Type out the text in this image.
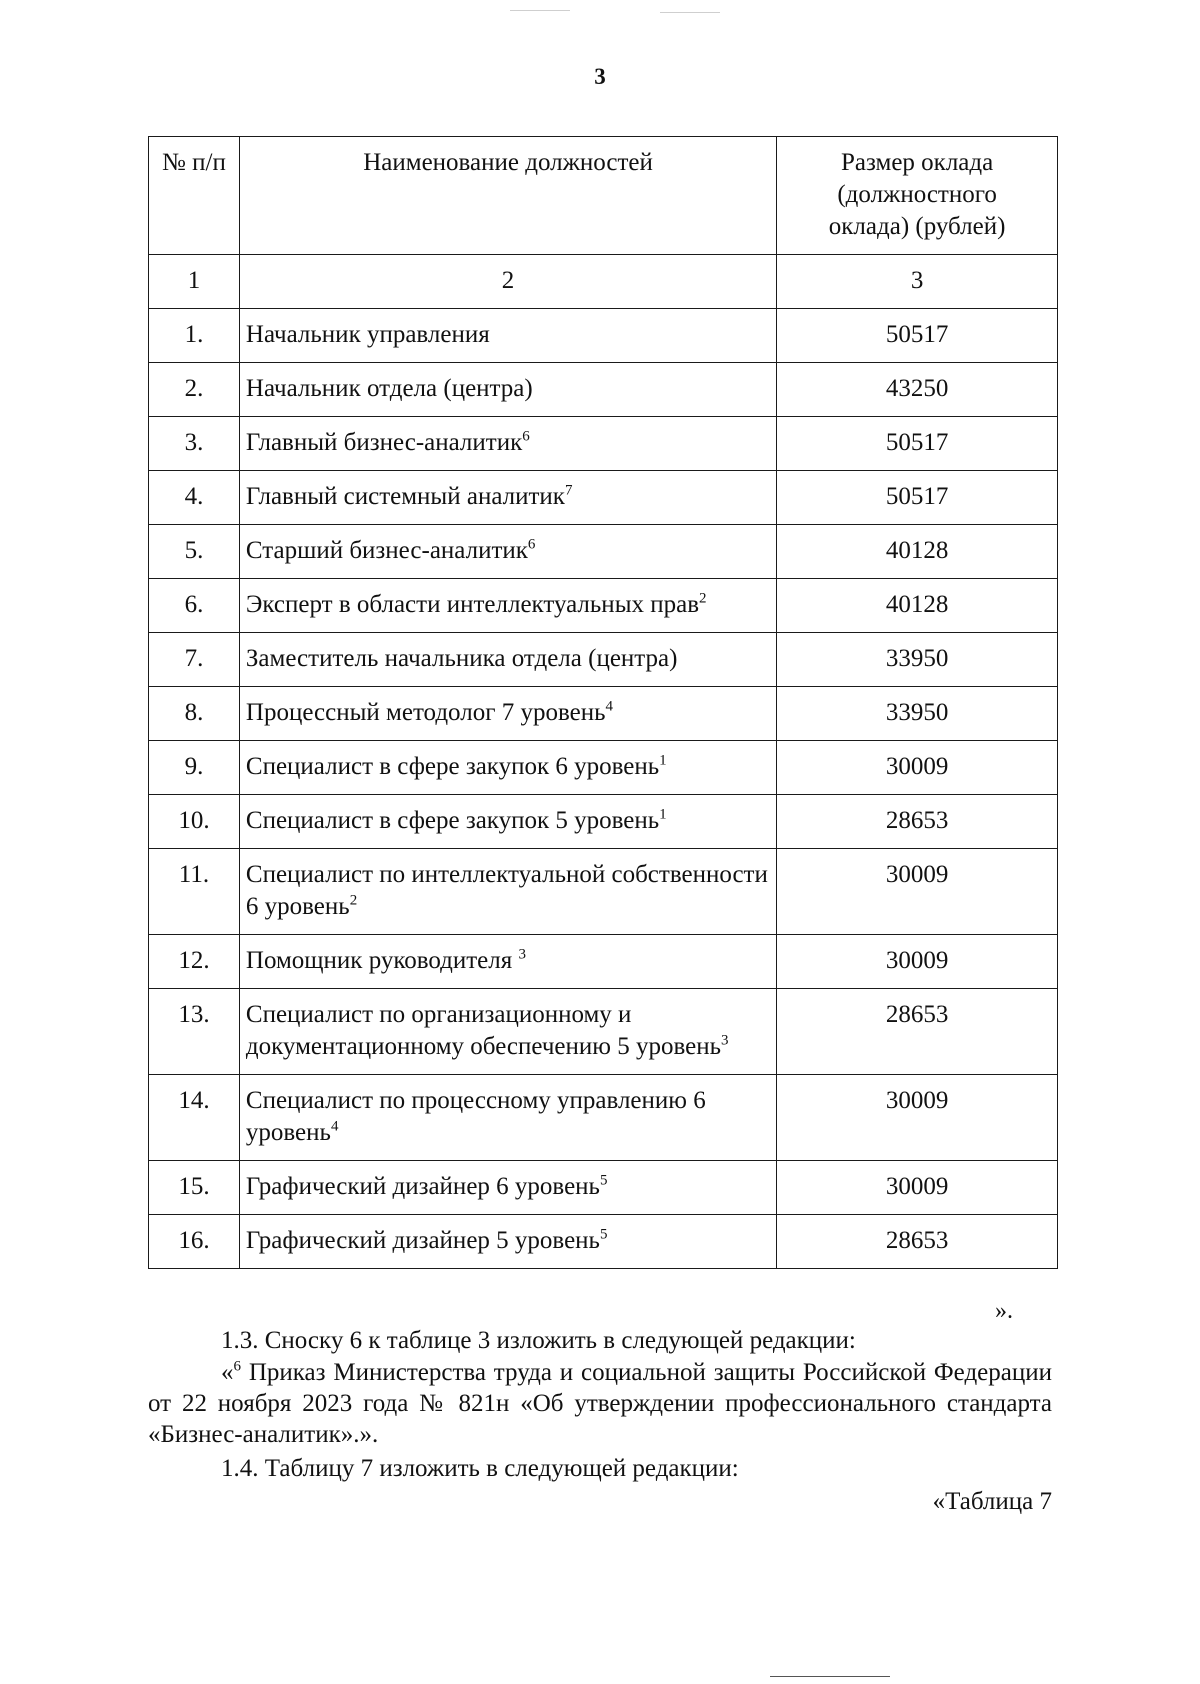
3
№ п/п	Наименование должностей	Размер оклада
(должностного
оклада) (рублей)
1	2	3
1.	Начальник управления	50517
2.	Начальник отдела (центра)	43250
3.	Главный бизнес-аналитик$^6$	50517
4.	Главный системный аналитик$^7$	50517
5.	Старший бизнес-аналитик$^6$	40128
6.	Эксперт в области интеллектуальных прав$^2$	40128
7.	Заместитель начальника отдела (центра)	33950
8.	Процессный методолог 7 уровень$^4$	33950
9.	Специалист в сфере закупок 6 уровень$^1$	30009
10.	Специалист в сфере закупок 5 уровень$^1$	28653
11.	Специалист по интеллектуальной собственности 6 уровень$^2$	30009
12.	Помощник руководителя $^3$	30009
13.	Специалист по организационному и документационному обеспечению 5 уровень$^3$	28653
14.	Специалист по процессному управлению 6 уровень$^4$	30009
15.	Графический дизайнер 6 уровень$^5$	30009
16.	Графический дизайнер 5 уровень$^5$	28653
».
1.3. Сноску 6 к таблице 3 изложить в следующей редакции:
«$^6$ Приказ Министерства труда и социальной защиты Российской Федерации от 22 ноября 2023 года № 821н «Об утверждении профессионального стандарта «Бизнес-аналитик».».
1.4. Таблицу 7 изложить в следующей редакции:
«Таблица 7
